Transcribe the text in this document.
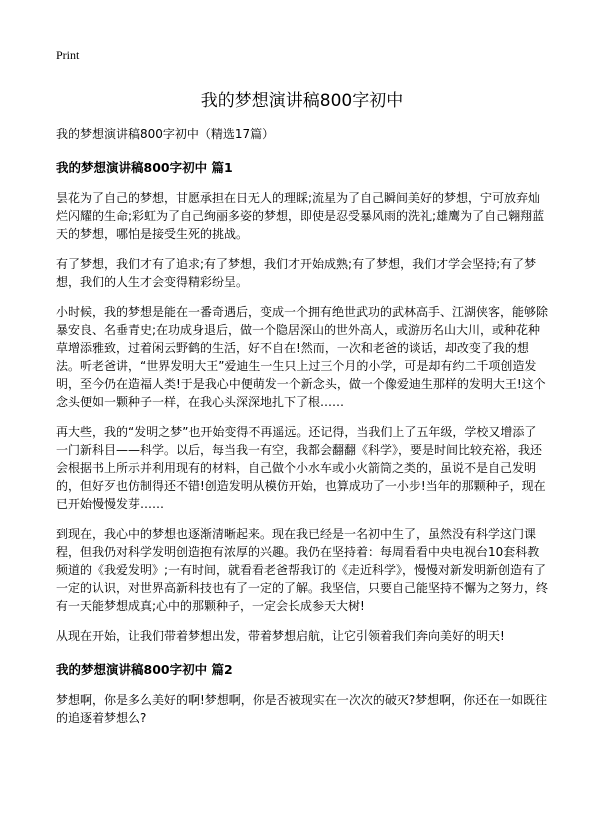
Print
我的梦想演讲稿800字初中

我的梦想演讲稿800字初中（精选17篇）

我的梦想演讲稿800字初中 篇1

昙花为了自己的梦想，甘愿承担在日无人的理睬;流星为了自己瞬间美好的梦想，宁可放弃灿烂闪耀的生命;彩虹为了自己绚丽多姿的梦想，即使是忍受暴风雨的洗礼;雄鹰为了自己翱翔蓝天的梦想，哪怕是接受生死的挑战。

有了梦想，我们才有了追求;有了梦想，我们才开始成熟;有了梦想，我们才学会坚持;有了梦想，我们的人生才会变得精彩纷呈。

小时候，我的梦想是能在一番奇遇后，变成一个拥有绝世武功的武林高手、江湖侠客，能够除暴安良、名垂青史;在功成身退后，做一个隐居深山的世外高人，或游历名山大川，或种花种草增添雅致，过着闲云野鹤的生活，好不自在!然而，一次和老爸的谈话，却改变了我的想法。听老爸讲，“世界发明大王”爱迪生一生只上过三个月的小学，可是却有约二千项创造发明，至今仍在造福人类!于是我心中便萌发一个新念头，做一个像爱迪生那样的发明大王!这个念头便如一颗种子一样，在我心头深深地扎下了根……

再大些，我的“发明之梦”也开始变得不再遥远。还记得，当我们上了五年级，学校又增添了一门新科目——科学。以后，每当我一有空，我都会翻翻《科学》，要是时间比较充裕，我还会根据书上所示并利用现有的材料，自己做个小水车或小火箭筒之类的，虽说不是自己发明的，但好歹也仿制得还不错!创造发明从模仿开始，也算成功了一小步!当年的那颗种子，现在已开始慢慢发芽……

到现在，我心中的梦想也逐渐清晰起来。现在我已经是一名初中生了，虽然没有科学这门课程，但我仍对科学发明创造抱有浓厚的兴趣。我仍在坚持着：每周看看中央电视台10套科教频道的《我爱发明》;一有时间，就看看老爸帮我订的《走近科学》，慢慢对新发明新创造有了一定的认识，对世界高新科技也有了一定的了解。我坚信，只要自己能坚持不懈为之努力，终有一天能梦想成真;心中的那颗种子，一定会长成参天大树!

从现在开始，让我们带着梦想出发，带着梦想启航，让它引领着我们奔向美好的明天!

我的梦想演讲稿800字初中 篇2

梦想啊，你是多么美好的啊!梦想啊，你是否被现实在一次次的破灭?梦想啊，你还在一如既往的追逐着梦想么?
